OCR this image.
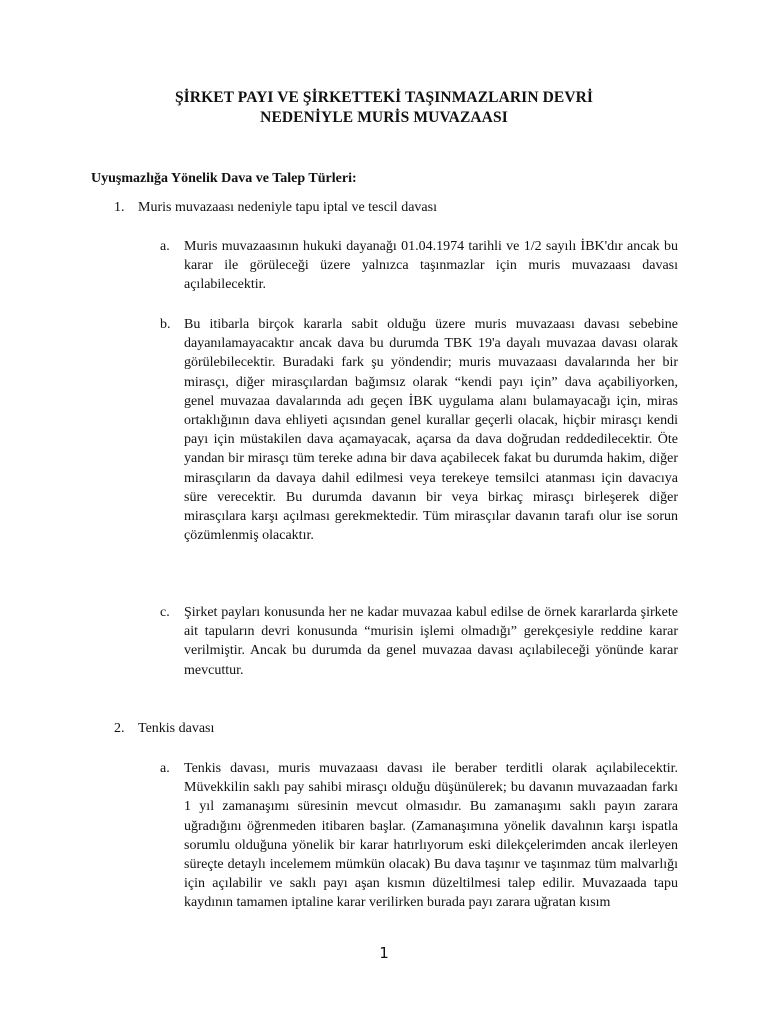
ŞİRKET PAYI VE ŞİRKETTEKİ TAŞINMAZLARIN DEVRİ
NEDENİYLE MURİS MUVAZAASI
Uyuşmazlığa Yönelik Dava ve Talep Türleri:
1. Muris muvazaası nedeniyle tapu iptal ve tescil davası
a. Muris muvazaasının hukuki dayanağı 01.04.1974 tarihli ve 1/2 sayılı İBK'dır ancak bu karar ile görüleceği üzere yalnızca taşınmazlar için muris muvazaası davası açılabilecektir.
b. Bu itibarla birçok kararla sabit olduğu üzere muris muvazaası davası sebebine dayanılamayacaktır ancak dava bu durumda TBK 19'a dayalı muvazaa davası olarak görülebilecektir. Buradaki fark şu yöndendir; muris muvazaası davalarında her bir mirasçı, diğer mirasçılardan bağımsız olarak “kendi payı için” dava açabiliyorken, genel muvazaa davalarında adı geçen İBK uygulama alanı bulamayacağı için, miras ortaklığının dava ehliyeti açısından genel kurallar geçerli olacak, hiçbir mirasçı kendi payı için müstakilen dava açamayacak, açarsa da dava doğrudan reddedilecektir. Öte yandan bir mirasçı tüm tereke adına bir dava açabilecek fakat bu durumda hakim, diğer mirasçıların da davaya dahil edilmesi veya terekeye temsilci atanması için davacıya süre verecektir. Bu durumda davanın bir veya birkaç mirasçı birleşerek diğer mirasçılara karşı açılması gerekmektedir. Tüm mirasçılar davanın tarafı olur ise sorun çözümlenmiş olacaktır.
c. Şirket payları konusunda her ne kadar muvazaa kabul edilse de örnek kararlarda şirkete ait tapuların devri konusunda “murisin işlemi olmadığı” gerekçesiyle reddine karar verilmiştir. Ancak bu durumda da genel muvazaa davası açılabileceği yönünde karar mevcuttur.
2. Tenkis davası
a. Tenkis davası, muris muvazaası davası ile beraber terditli olarak açılabilecektir. Müvekkilin saklı pay sahibi mirasçı olduğu düşünülerek; bu davanın muvazaadan farkı 1 yıl zamanaşımı süresinin mevcut olmasıdır. Bu zamanaşımı saklı payın zarara uğradığını öğrenmeden itibaren başlar. (Zamanaşımına yönelik davalının karşı ispatla sorumlu olduğuna yönelik bir karar hatırlıyorum eski dilekçelerimden ancak ilerleyen süreçte detaylı incelemem mümkün olacak) Bu dava taşınır ve taşınmaz tüm malvarlığı için açılabilir ve saklı payı aşan kısmın düzeltilmesi talep edilir. Muvazaada tapu kaydının tamamen iptaline karar verilirken burada payı zarara uğratan kısım
1
